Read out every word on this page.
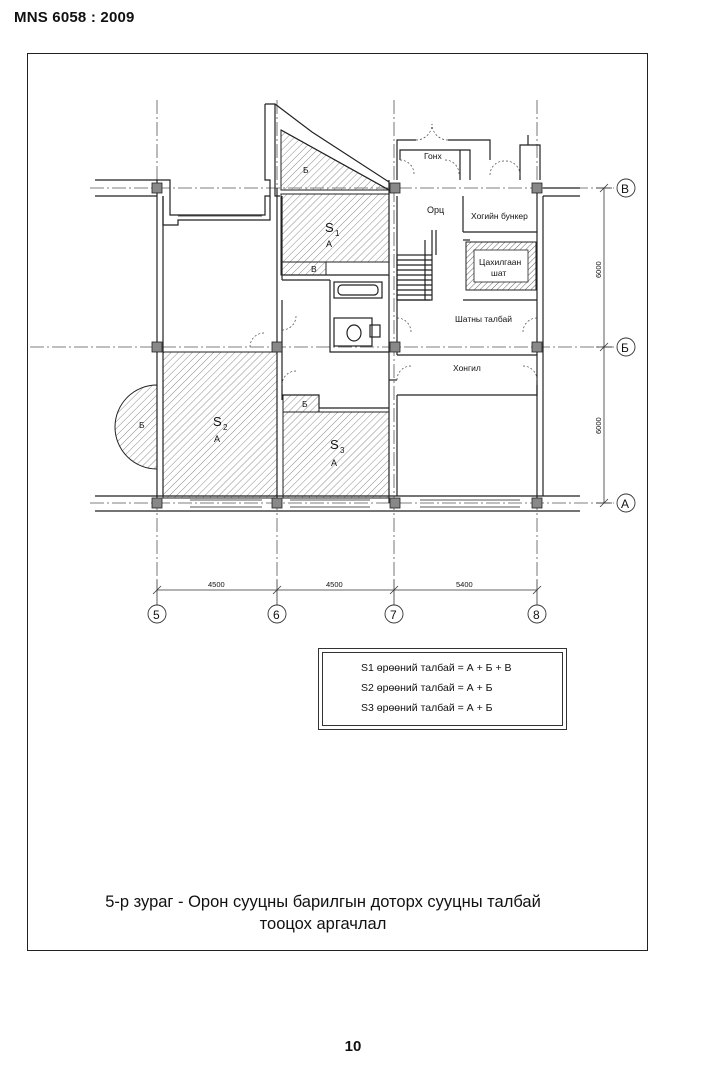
MNS 6058 : 2009
Гонх
Орц
Хогийн бункер
Цахилгаан
шат
Шатны талбай
Хонгил
Б
S 1
А
В
Б	S 2
А
Б
S 3
А
4500	4500	5400
6000
6000
5	6	7	8
В
Б
А
S1 өрөөний талбай = А + Б + В
S2 өрөөний талбай = А + Б
S3 өрөөний талбай = А + Б
5-р зураг - Орон сууцны барилгын доторх сууцны талбай
тооцох аргачлал
10
